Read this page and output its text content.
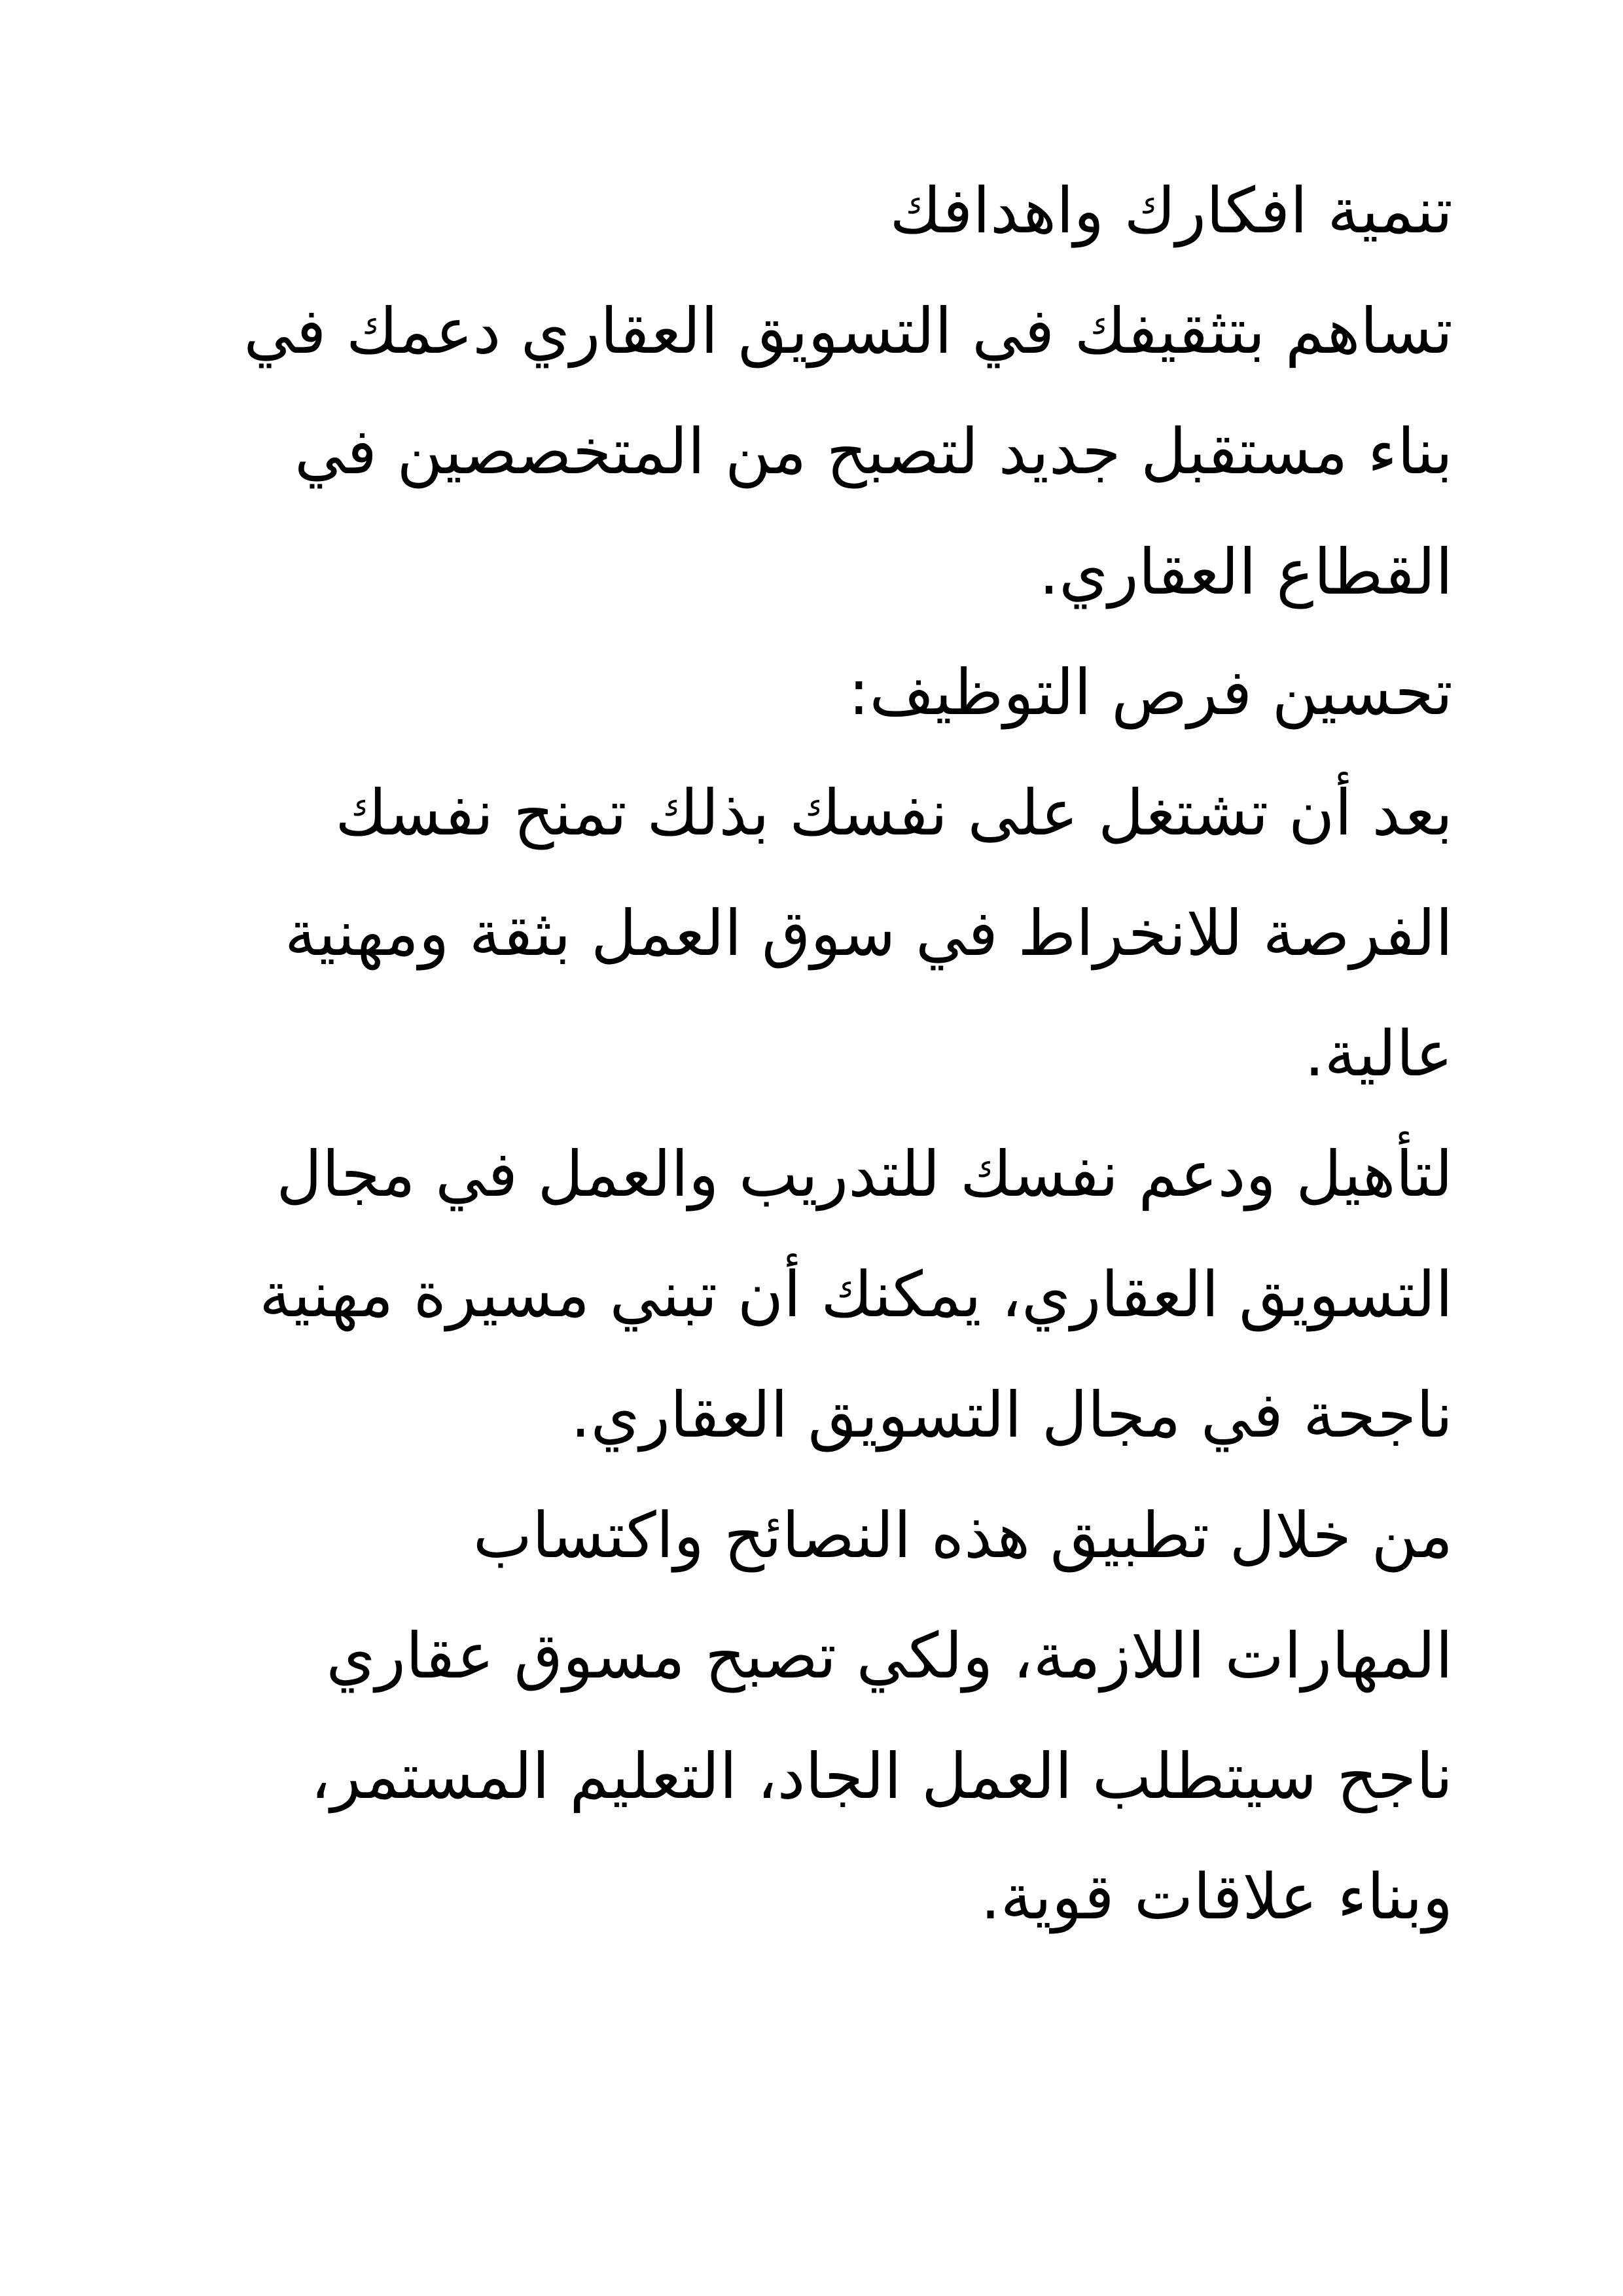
تنمية افكارك واهدافك
تساهم بتثقيفك في التسويق العقاري دعمك في
بناء مستقبل جديد لتصبح من المتخصصين في
القطاع العقاري.
تحسين فرص التوظيف:
بعد أن تشتغل على نفسك بذلك تمنح نفسك
الفرصة للانخراط في سوق العمل بثقة ومهنية
عالية.
لتأهيل ودعم نفسك للتدريب والعمل في مجال
التسويق العقاري، يمكنك أن تبني مسيرة مهنية
ناجحة في مجال التسويق العقاري.
من خلال تطبيق هذه النصائح واكتساب
المهارات اللازمة، ولكي تصبح مسوق عقاري
ناجح سيتطلب العمل الجاد، التعليم المستمر،
وبناء علاقات قوية.
